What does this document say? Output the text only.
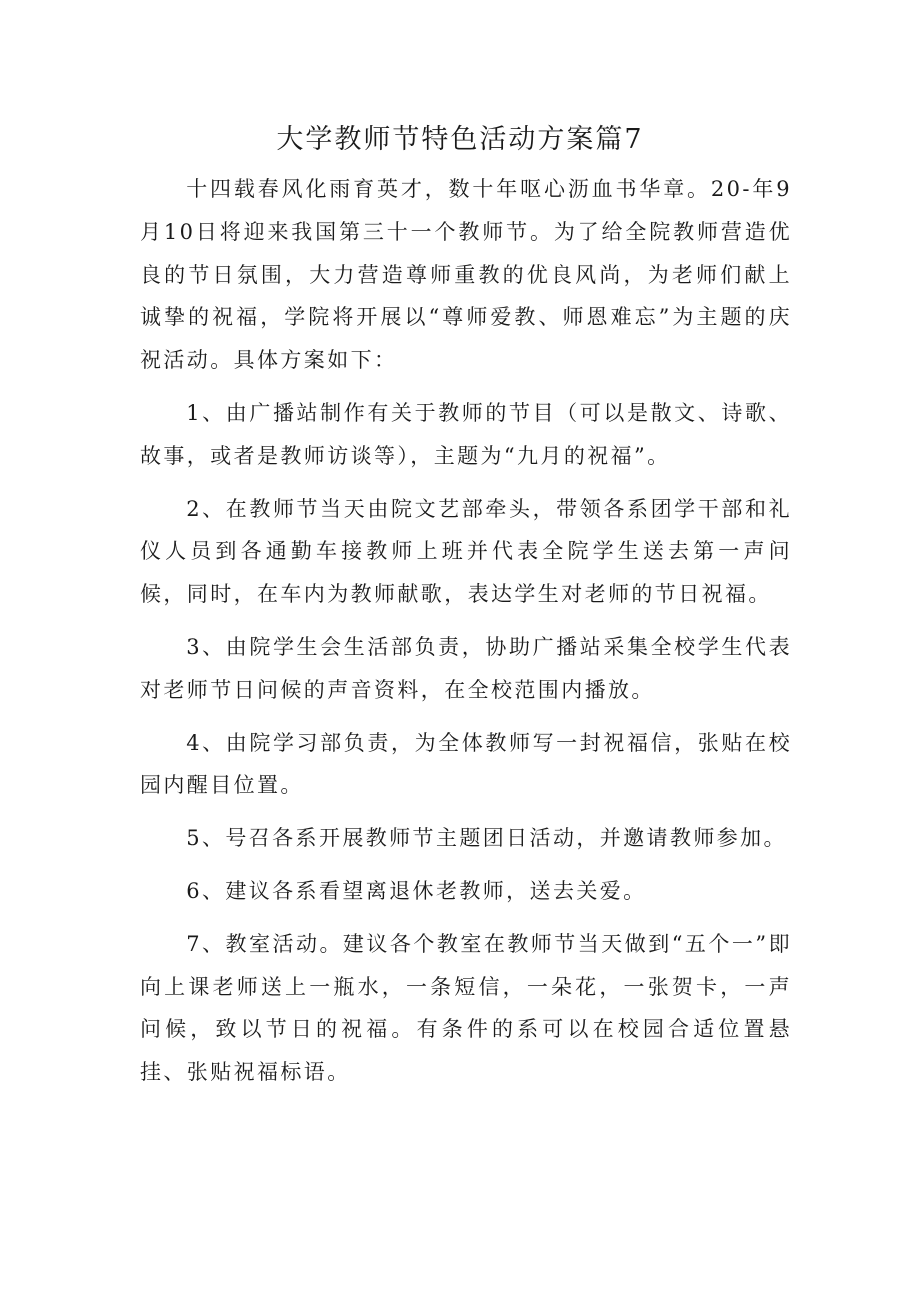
大学教师节特色活动方案篇7

十四载春风化雨育英才，数十年呕心沥血书华章。20-年9月10日将迎来我国第三十一个教师节。为了给全院教师营造优良的节日氛围，大力营造尊师重教的优良风尚，为老师们献上诚挚的祝福，学院将开展以“尊师爱教、师恩难忘”为主题的庆祝活动。具体方案如下：

1、由广播站制作有关于教师的节目（可以是散文、诗歌、故事，或者是教师访谈等），主题为“九月的祝福”。

2、在教师节当天由院文艺部牵头，带领各系团学干部和礼仪人员到各通勤车接教师上班并代表全院学生送去第一声问候，同时，在车内为教师献歌，表达学生对老师的节日祝福。

3、由院学生会生活部负责，协助广播站采集全校学生代表对老师节日问候的声音资料，在全校范围内播放。

4、由院学习部负责，为全体教师写一封祝福信，张贴在校园内醒目位置。

5、号召各系开展教师节主题团日活动，并邀请教师参加。

6、建议各系看望离退休老教师，送去关爱。

7、教室活动。建议各个教室在教师节当天做到“五个一”即向上课老师送上一瓶水，一条短信，一朵花，一张贺卡，一声问候，致以节日的祝福。有条件的系可以在校园合适位置悬挂、张贴祝福标语。
